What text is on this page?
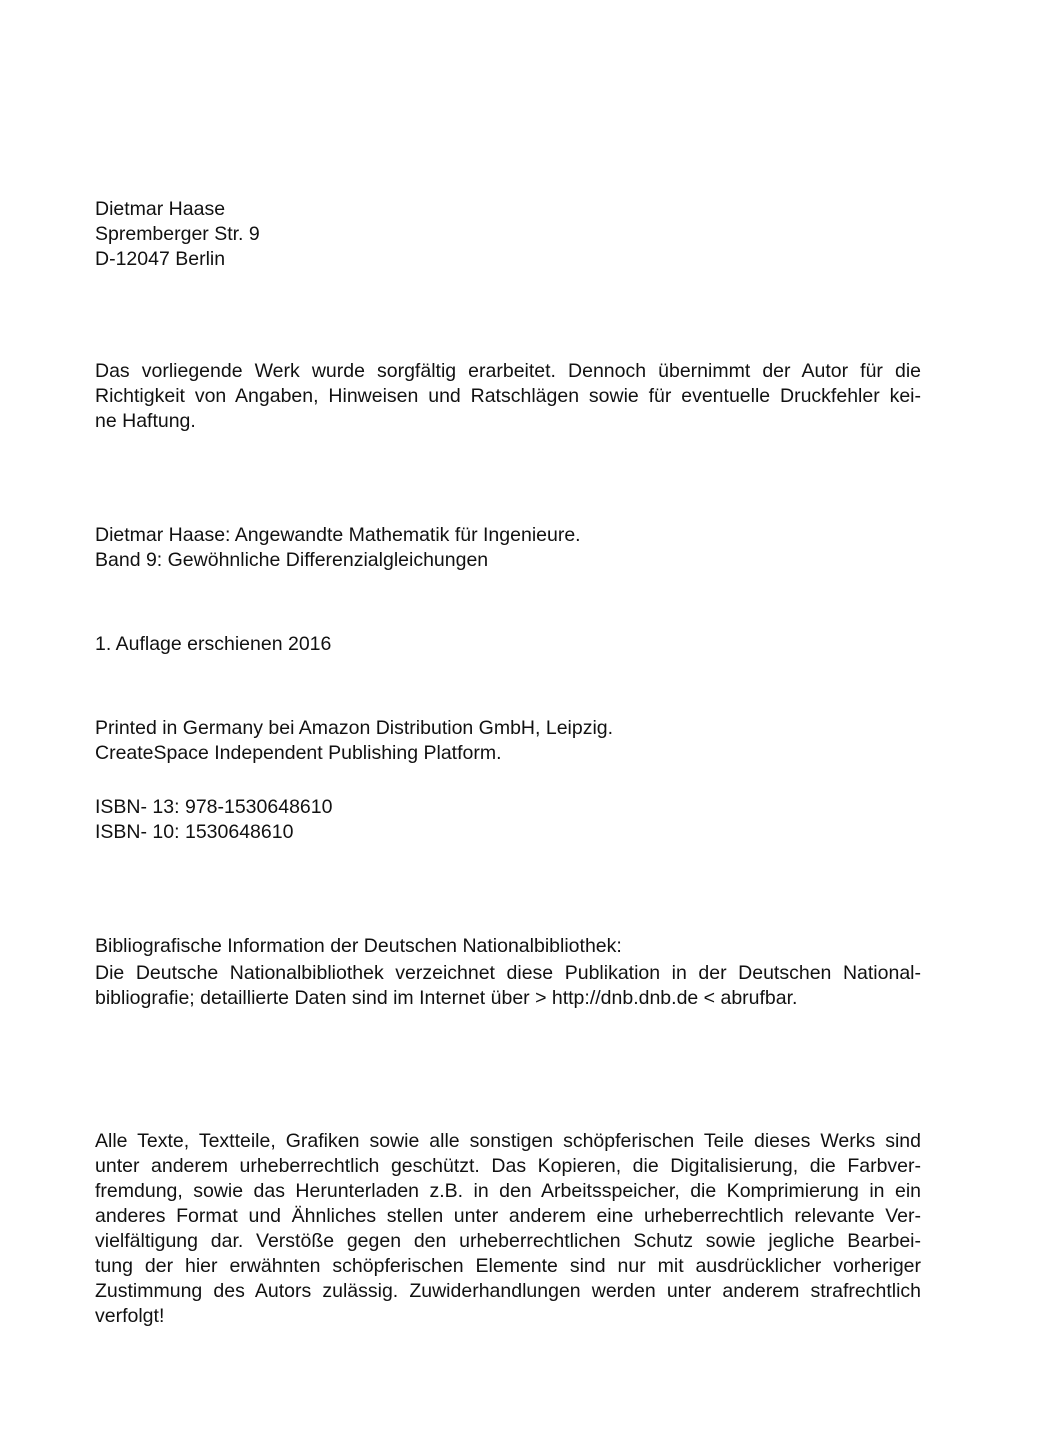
Dietmar Haase
Spremberger Str. 9
D-12047 Berlin
Das vorliegende Werk wurde sorgfältig erarbeitet. Dennoch übernimmt der Autor für die
Richtigkeit von Angaben, Hinweisen und Ratschlägen sowie für eventuelle Druckfehler kei-
ne Haftung.
Dietmar Haase: Angewandte Mathematik für Ingenieure.
Band 9: Gewöhnliche Differenzialgleichungen
1. Auflage erschienen 2016
Printed in Germany bei Amazon Distribution GmbH, Leipzig.
CreateSpace Independent Publishing Platform.
ISBN- 13: 978-1530648610
ISBN- 10: 1530648610
Bibliografische Information der Deutschen Nationalbibliothek:
Die Deutsche Nationalbibliothek verzeichnet diese Publikation in der Deutschen National-
bibliografie; detaillierte Daten sind im Internet über > http://dnb.dnb.de < abrufbar.
Alle Texte, Textteile, Grafiken sowie alle sonstigen schöpferischen Teile dieses Werks sind
unter anderem urheberrechtlich geschützt. Das Kopieren, die Digitalisierung, die Farbver-
fremdung, sowie das Herunterladen z.B. in den Arbeitsspeicher, die Komprimierung in ein
anderes Format und Ähnliches stellen unter anderem eine urheberrechtlich relevante Ver-
vielfältigung dar. Verstöße gegen den urheberrechtlichen Schutz sowie jegliche Bearbei-
tung der hier erwähnten schöpferischen Elemente sind nur mit ausdrücklicher vorheriger
Zustimmung des Autors zulässig. Zuwiderhandlungen werden unter anderem strafrechtlich
verfolgt!
